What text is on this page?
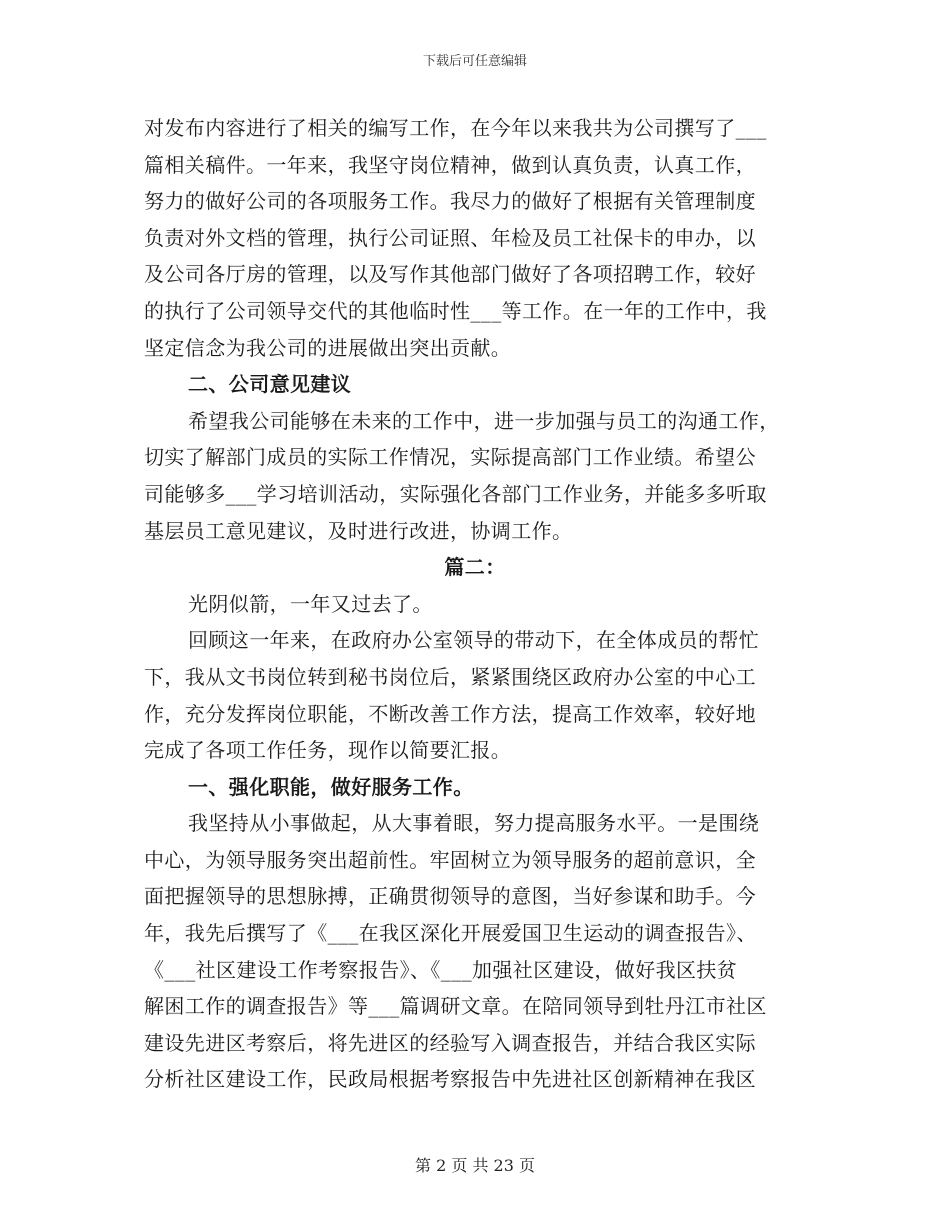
下载后可任意编辑
对发布内容进行了相关的编写工作，在今年以来我共为公司撰写了___
篇相关稿件。一年来，我坚守岗位精神，做到认真负责，认真工作，
努力的做好公司的各项服务工作。我尽力的做好了根据有关管理制度
负责对外文档的管理，执行公司证照、年检及员工社保卡的申办，以
及公司各厅房的管理，以及写作其他部门做好了各项招聘工作，较好
的执行了公司领导交代的其他临时性___等工作。在一年的工作中，我
坚定信念为我公司的进展做出突出贡献。
二、公司意见建议
希望我公司能够在未来的工作中，进一步加强与员工的沟通工作，
切实了解部门成员的实际工作情况，实际提高部门工作业绩。希望公
司能够多___学习培训活动，实际强化各部门工作业务，并能多多听取
基层员工意见建议，及时进行改进，协调工作。
篇二：
光阴似箭，一年又过去了。
回顾这一年来，在政府办公室领导的带动下，在全体成员的帮忙
下，我从文书岗位转到秘书岗位后，紧紧围绕区政府办公室的中心工
作，充分发挥岗位职能，不断改善工作方法，提高工作效率，较好地
完成了各项工作任务，现作以简要汇报。
一、强化职能，做好服务工作。
我坚持从小事做起，从大事着眼，努力提高服务水平。一是围绕
中心，为领导服务突出超前性。牢固树立为领导服务的超前意识，全
面把握领导的思想脉搏，正确贯彻领导的意图，当好参谋和助手。今
年，我先后撰写了《___在我区深化开展爱国卫生运动的调查报告》、
《___社区建设工作考察报告》、《___加强社区建设，做好我区扶贫
解困工作的调查报告》等___篇调研文章。在陪同领导到牡丹江市社区
建设先进区考察后，将先进区的经验写入调查报告，并结合我区实际
分析社区建设工作，民政局根据考察报告中先进社区创新精神在我区
第 2 页 共 23 页
